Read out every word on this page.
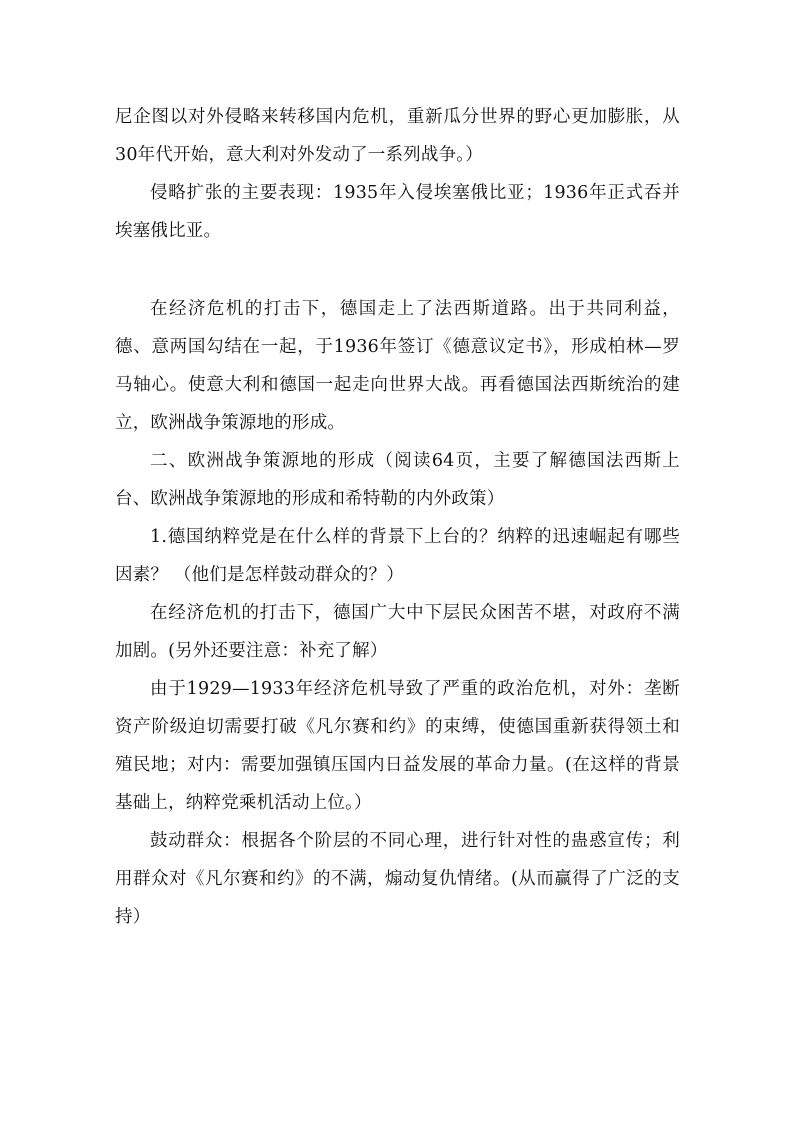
尼企图以对外侵略来转移国内危机，重新瓜分世界的野心更加膨胀，从30年代开始，意大利对外发动了一系列战争。）

侵略扩张的主要表现：1935年入侵埃塞俄比亚；1936年正式吞并埃塞俄比亚。

在经济危机的打击下，德国走上了法西斯道路。出于共同利益，德、意两国勾结在一起，于1936年签订《德意议定书》，形成柏林—罗马轴心。使意大利和德国一起走向世界大战。再看德国法西斯统治的建立，欧洲战争策源地的形成。

二、欧洲战争策源地的形成（阅读64页，主要了解德国法西斯上台、欧洲战争策源地的形成和希特勒的内外政策）

1.德国纳粹党是在什么样的背景下上台的？纳粹的迅速崛起有哪些因素？ （他们是怎样鼓动群众的？）

在经济危机的打击下，德国广大中下层民众困苦不堪，对政府不满加剧。(另外还要注意：补充了解）

由于1929—1933年经济危机导致了严重的政治危机，对外：垄断资产阶级迫切需要打破《凡尔赛和约》的束缚，使德国重新获得领土和殖民地；对内：需要加强镇压国内日益发展的革命力量。(在这样的背景基础上，纳粹党乘机活动上位。）

鼓动群众：根据各个阶层的不同心理，进行针对性的蛊惑宣传；利用群众对《凡尔赛和约》的不满，煽动复仇情绪。(从而赢得了广泛的支持）
